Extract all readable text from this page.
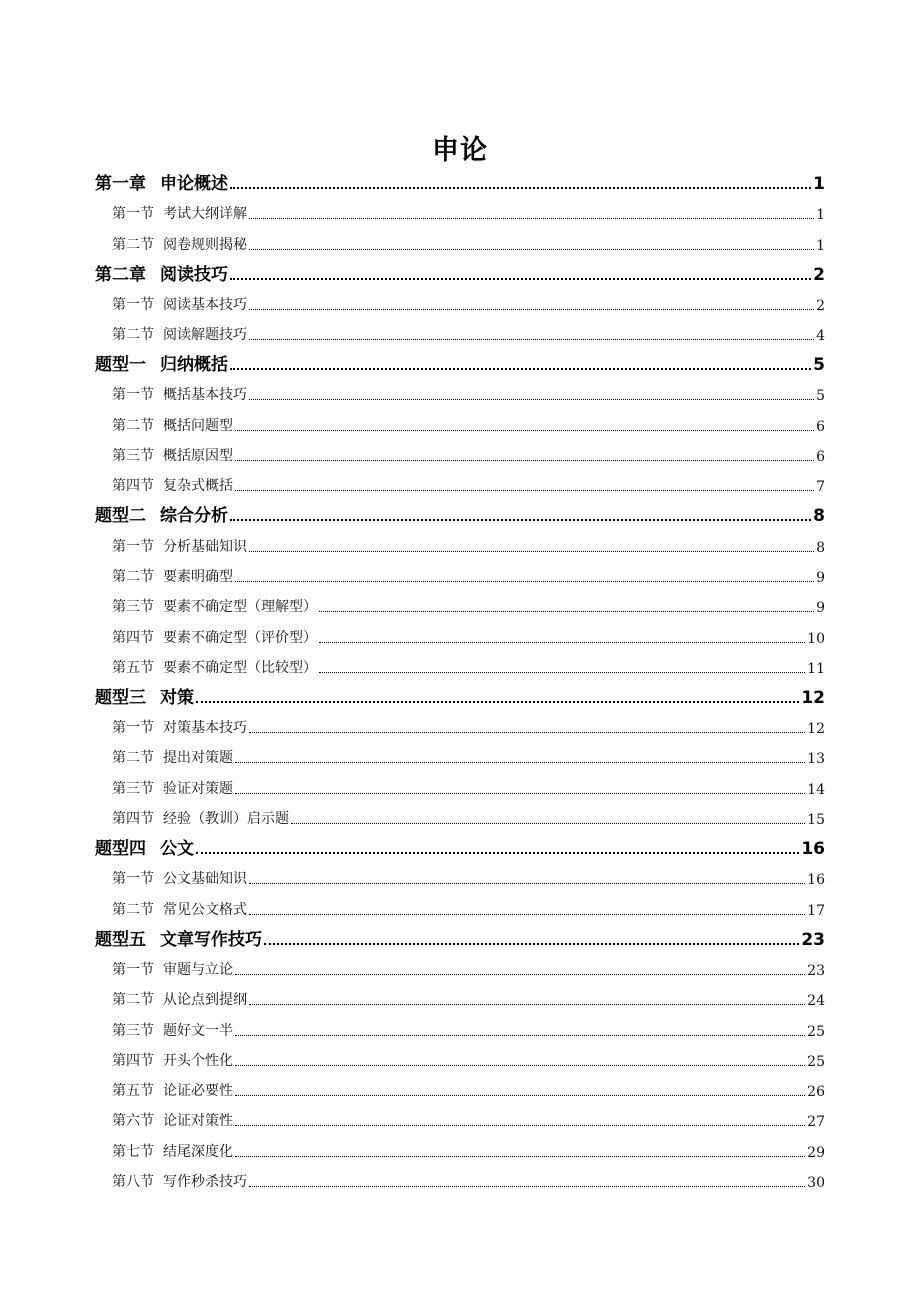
申论
第一章 申论概述	1
第一节 考试大纲详解	1
第二节 阅卷规则揭秘	1
第二章 阅读技巧	2
第一节 阅读基本技巧	2
第二节 阅读解题技巧	4
题型一 归纳概括	5
第一节 概括基本技巧	5
第二节 概括问题型	6
第三节 概括原因型	6
第四节 复杂式概括	7
题型二 综合分析	8
第一节 分析基础知识	8
第二节 要素明确型	9
第三节 要素不确定型（理解型）	9
第四节 要素不确定型（评价型）	10
第五节 要素不确定型（比较型）	11
题型三 对策	12
第一节 对策基本技巧	12
第二节 提出对策题	13
第三节 验证对策题	14
第四节 经验（教训）启示题	15
题型四 公文	16
第一节 公文基础知识	16
第二节 常见公文格式	17
题型五 文章写作技巧	23
第一节 审题与立论	23
第二节 从论点到提纲	24
第三节 题好文一半	25
第四节 开头个性化	25
第五节 论证必要性	26
第六节 论证对策性	27
第七节 结尾深度化	29
第八节 写作秒杀技巧	30
